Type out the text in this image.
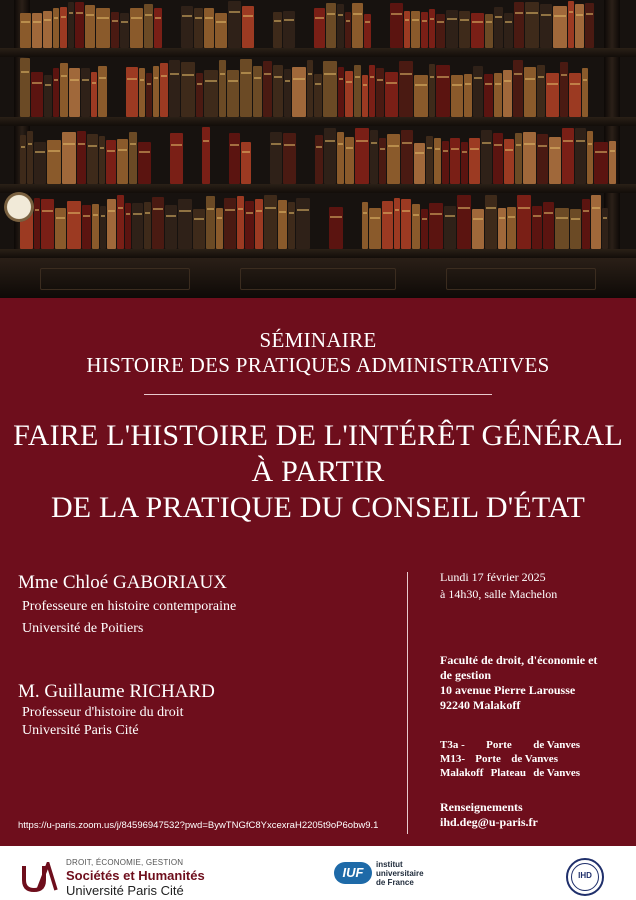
SÉMINAIRE
HISTOIRE DES PRATIQUES ADMINISTRATIVES
FAIRE L'HISTOIRE DE L'INTÉRÊT GÉNÉRAL
À PARTIR
DE LA PRATIQUE DU CONSEIL D'ÉTAT
Mme Chloé GABORIAUX
Professeure en histoire contemporaine
Université de Poitiers
M. Guillaume RICHARD
Professeur d'histoire du droit
Université Paris Cité
Lundi 17 février 2025
à 14h30, salle Machelon
Faculté de droit, d'économie et
de gestion
10 avenue Pierre Larousse
92240 Malakoff
T3a - Porte de Vanves
M13- Porte de Vanves
Malakoff Plateau de Vanves
Renseignements
ihd.deg@u-paris.fr
https://u-paris.zoom.us/j/84596947532?pwd=BywTNGfC8YxcexraH2205t9oP6obw9.1
DROIT, ÉCONOMIE, GESTION
Sociétés et Humanités
Université Paris Cité
IUF
institut
universitaire
de France
IHD
